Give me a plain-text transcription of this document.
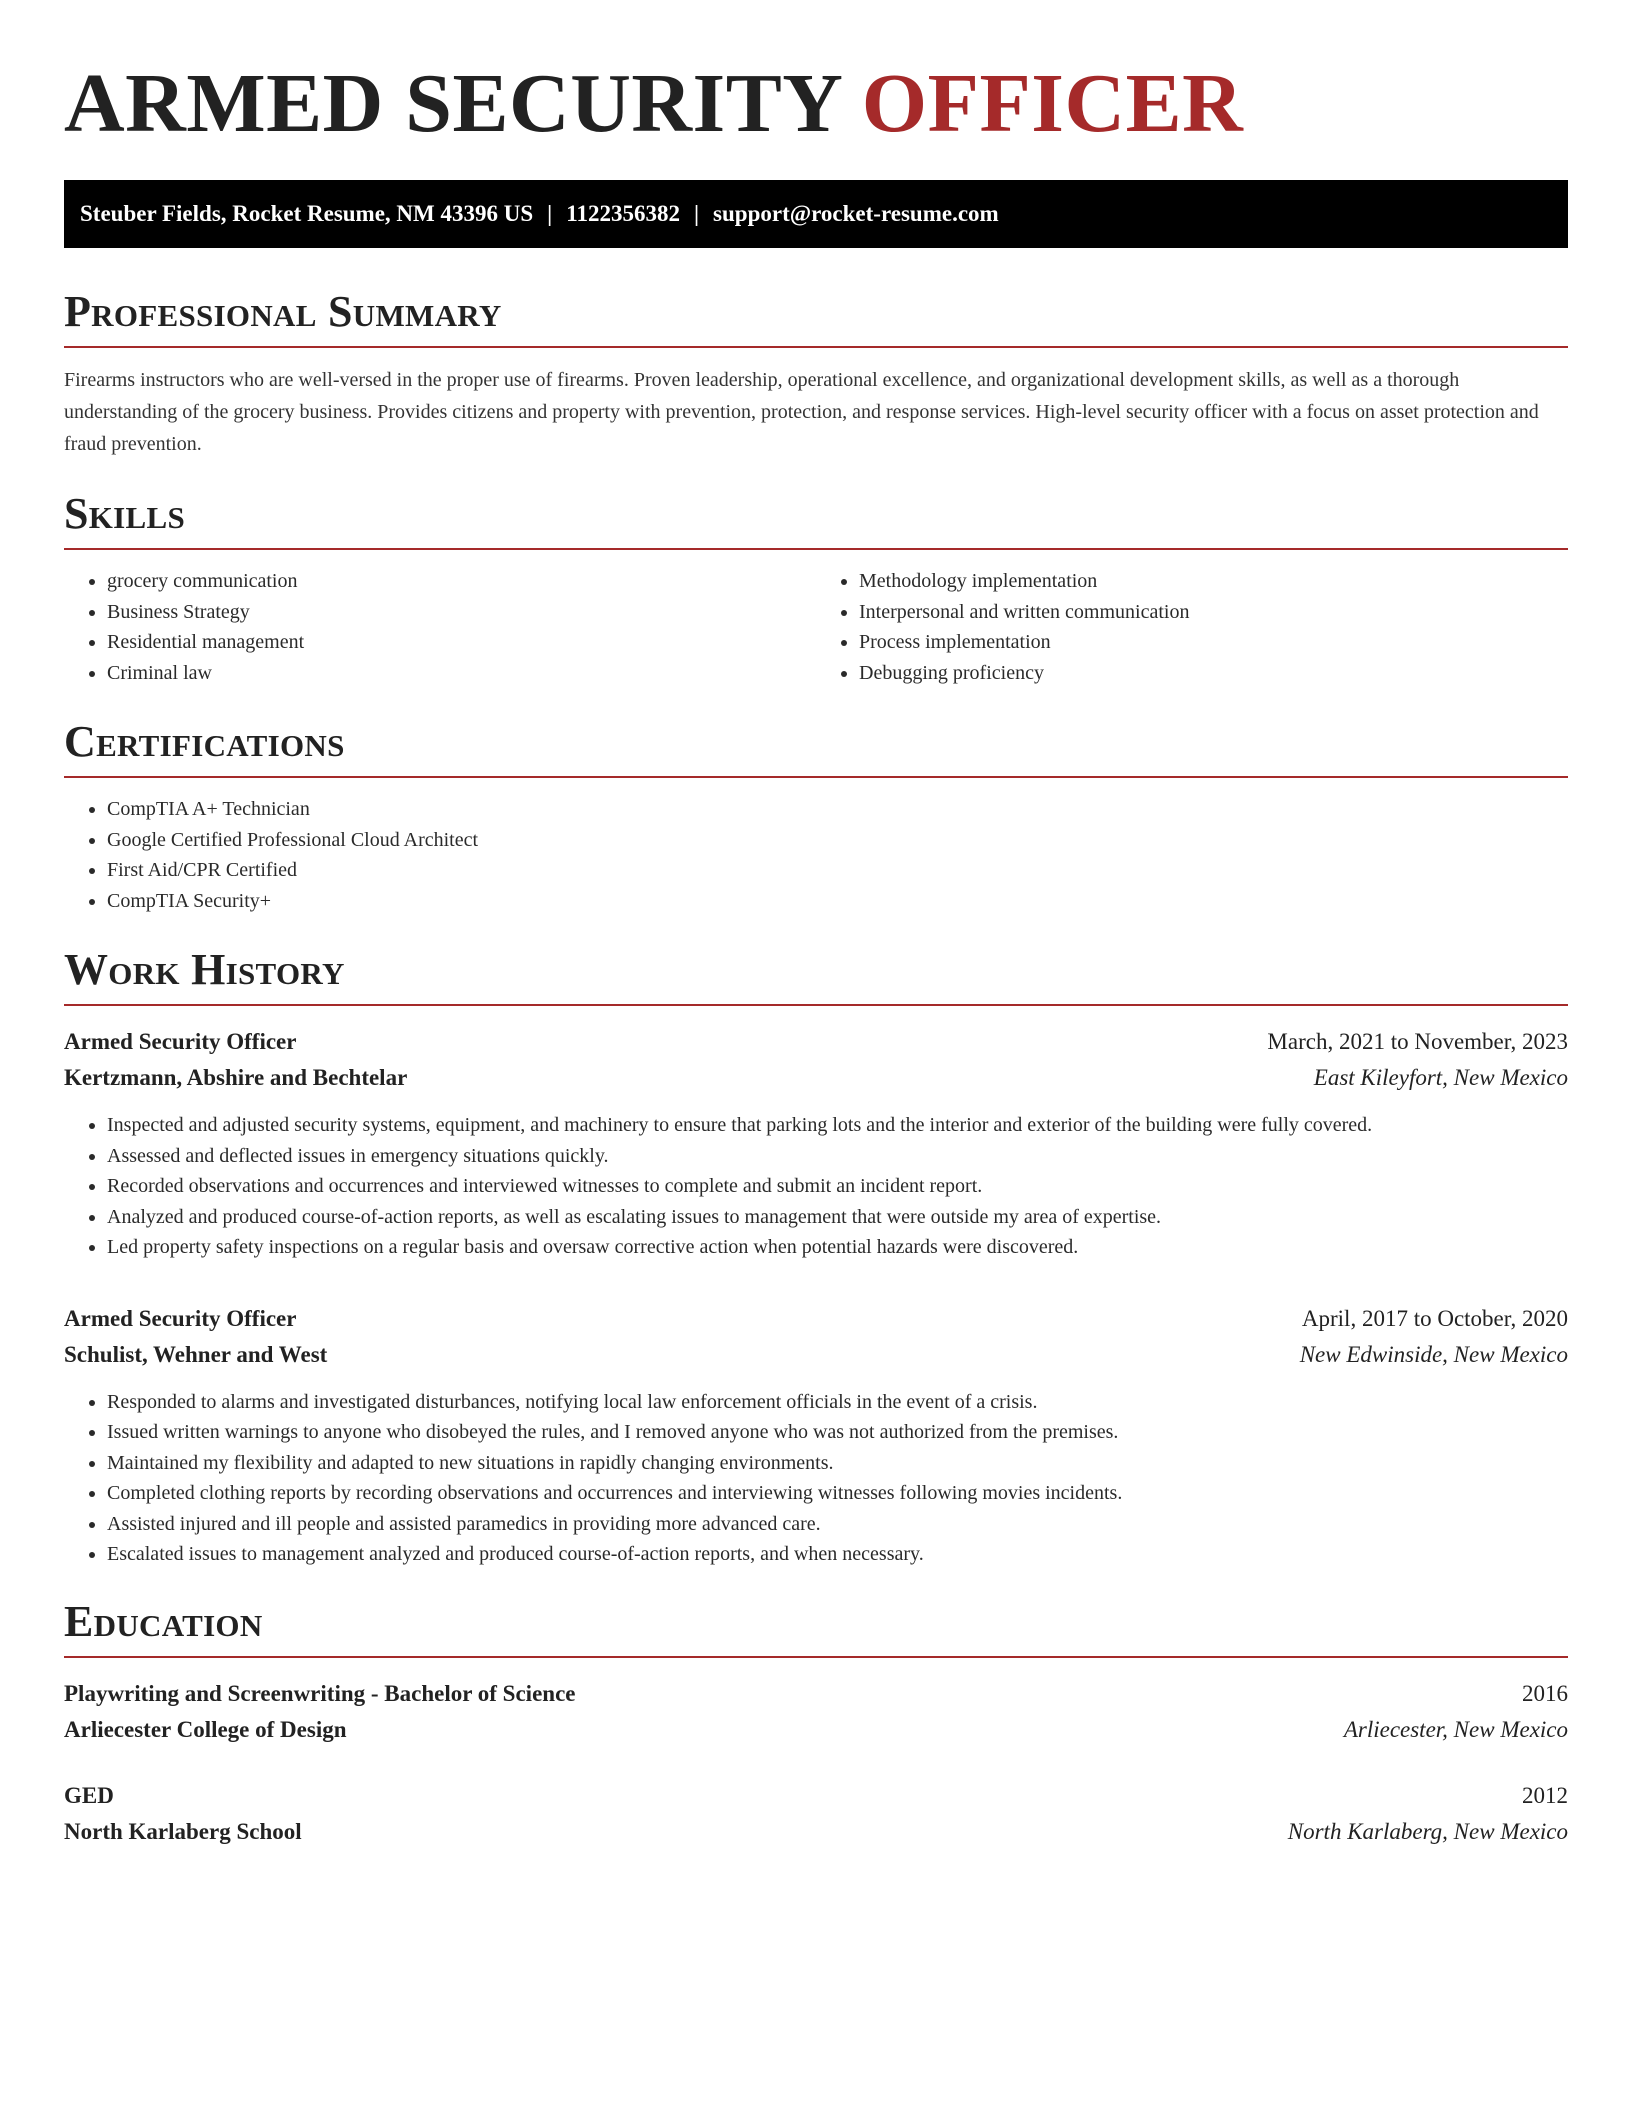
ARMED SECURITY OFFICER
Steuber Fields, Rocket Resume, NM 43396 US | 1122356382 | support@rocket-resume.com
Professional Summary

Firearms instructors who are well-versed in the proper use of firearms. Proven leadership, operational excellence, and organizational development skills, as well as a thorough understanding of the grocery business. Provides citizens and property with prevention, protection, and response services. High-level security officer with a focus on asset protection and fraud prevention.

Skills
• grocery communication
• Business Strategy
• Residential management
• Criminal law
• Methodology implementation
• Interpersonal and written communication
• Process implementation
• Debugging proficiency
Certifications
• CompTIA A+ Technician
• Google Certified Professional Cloud Architect
• First Aid/CPR Certified
• CompTIA Security+
Work History
Armed Security Officer	March, 2021 to November, 2023
Kertzmann, Abshire and Bechtelar	East Kileyfort, New Mexico
• Inspected and adjusted security systems, equipment, and machinery to ensure that parking lots and the interior and exterior of the building were fully covered.
• Assessed and deflected issues in emergency situations quickly.
• Recorded observations and occurrences and interviewed witnesses to complete and submit an incident report.
• Analyzed and produced course-of-action reports, as well as escalating issues to management that were outside my area of expertise.
• Led property safety inspections on a regular basis and oversaw corrective action when potential hazards were discovered.
Armed Security Officer	April, 2017 to October, 2020
Schulist, Wehner and West	New Edwinside, New Mexico
• Responded to alarms and investigated disturbances, notifying local law enforcement officials in the event of a crisis.
• Issued written warnings to anyone who disobeyed the rules, and I removed anyone who was not authorized from the premises.
• Maintained my flexibility and adapted to new situations in rapidly changing environments.
• Completed clothing reports by recording observations and occurrences and interviewing witnesses following movies incidents.
• Assisted injured and ill people and assisted paramedics in providing more advanced care.
• Escalated issues to management analyzed and produced course-of-action reports, and when necessary.
Education
Playwriting and Screenwriting - Bachelor of Science	2016
Arliecester College of Design	Arliecester, New Mexico
GED	2012
North Karlaberg School	North Karlaberg, New Mexico
